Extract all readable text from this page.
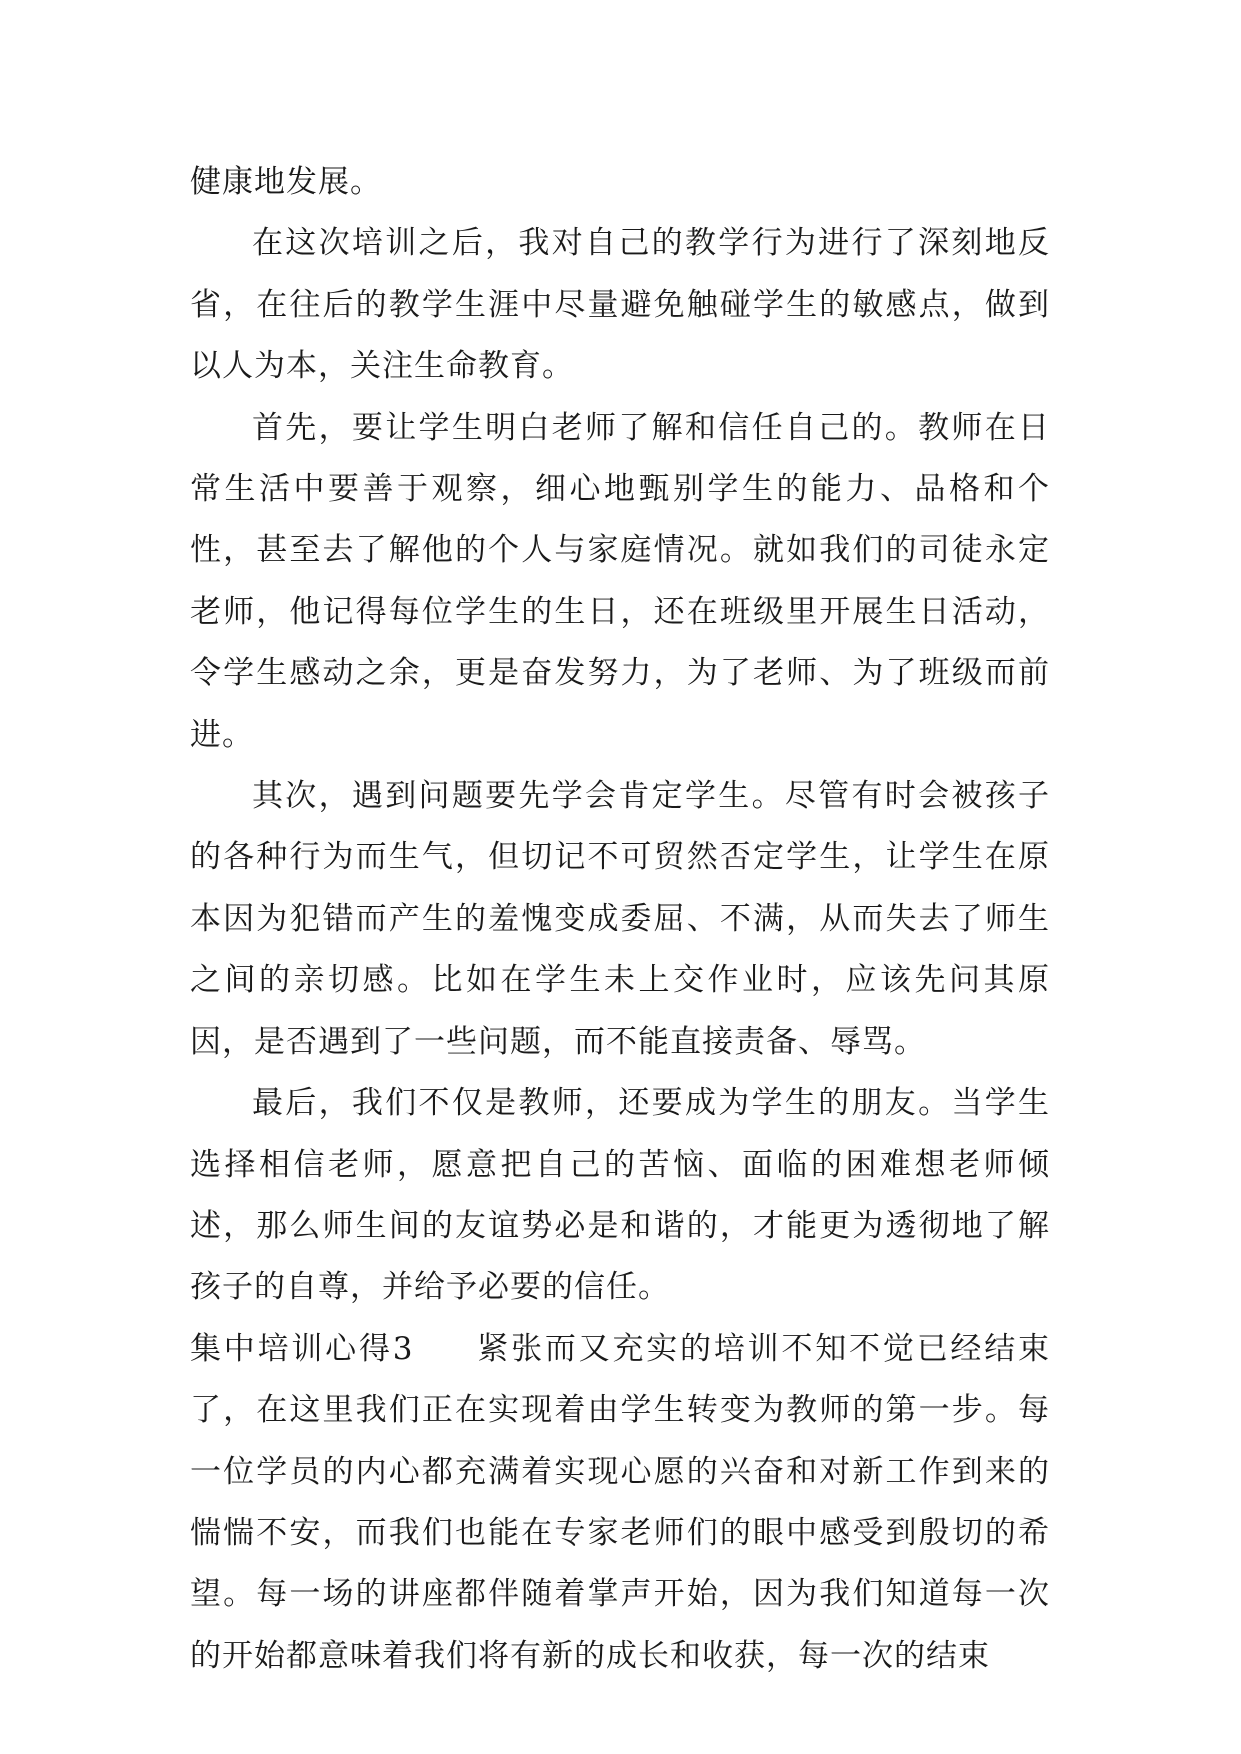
健康地发展。

在这次培训之后，我对自己的教学行为进行了深刻地反省，在往后的教学生涯中尽量避免触碰学生的敏感点，做到以人为本，关注生命教育。

首先，要让学生明白老师了解和信任自己的。教师在日常生活中要善于观察，细心地甄别学生的能力、品格和个性，甚至去了解他的个人与家庭情况。就如我们的司徒永定老师，他记得每位学生的生日，还在班级里开展生日活动，令学生感动之余，更是奋发努力，为了老师、为了班级而前进。

其次，遇到问题要先学会肯定学生。尽管有时会被孩子的各种行为而生气，但切记不可贸然否定学生，让学生在原本因为犯错而产生的羞愧变成委屈、不满，从而失去了师生之间的亲切感。比如在学生未上交作业时，应该先问其原因，是否遇到了一些问题，而不能直接责备、辱骂。

最后，我们不仅是教师，还要成为学生的朋友。当学生选择相信老师，愿意把自己的苦恼、面临的困难想老师倾述，那么师生间的友谊势必是和谐的，才能更为透彻地了解孩子的自尊，并给予必要的信任。

集中培训心得3 紧张而又充实的培训不知不觉已经结束了，在这里我们正在实现着由学生转变为教师的第一步。每一位学员的内心都充满着实现心愿的兴奋和对新工作到来的惴惴不安，而我们也能在专家老师们的眼中感受到殷切的希望。每一场的讲座都伴随着掌声开始，因为我们知道每一次的开始都意味着我们将有新的成长和收获，每一次的结束
